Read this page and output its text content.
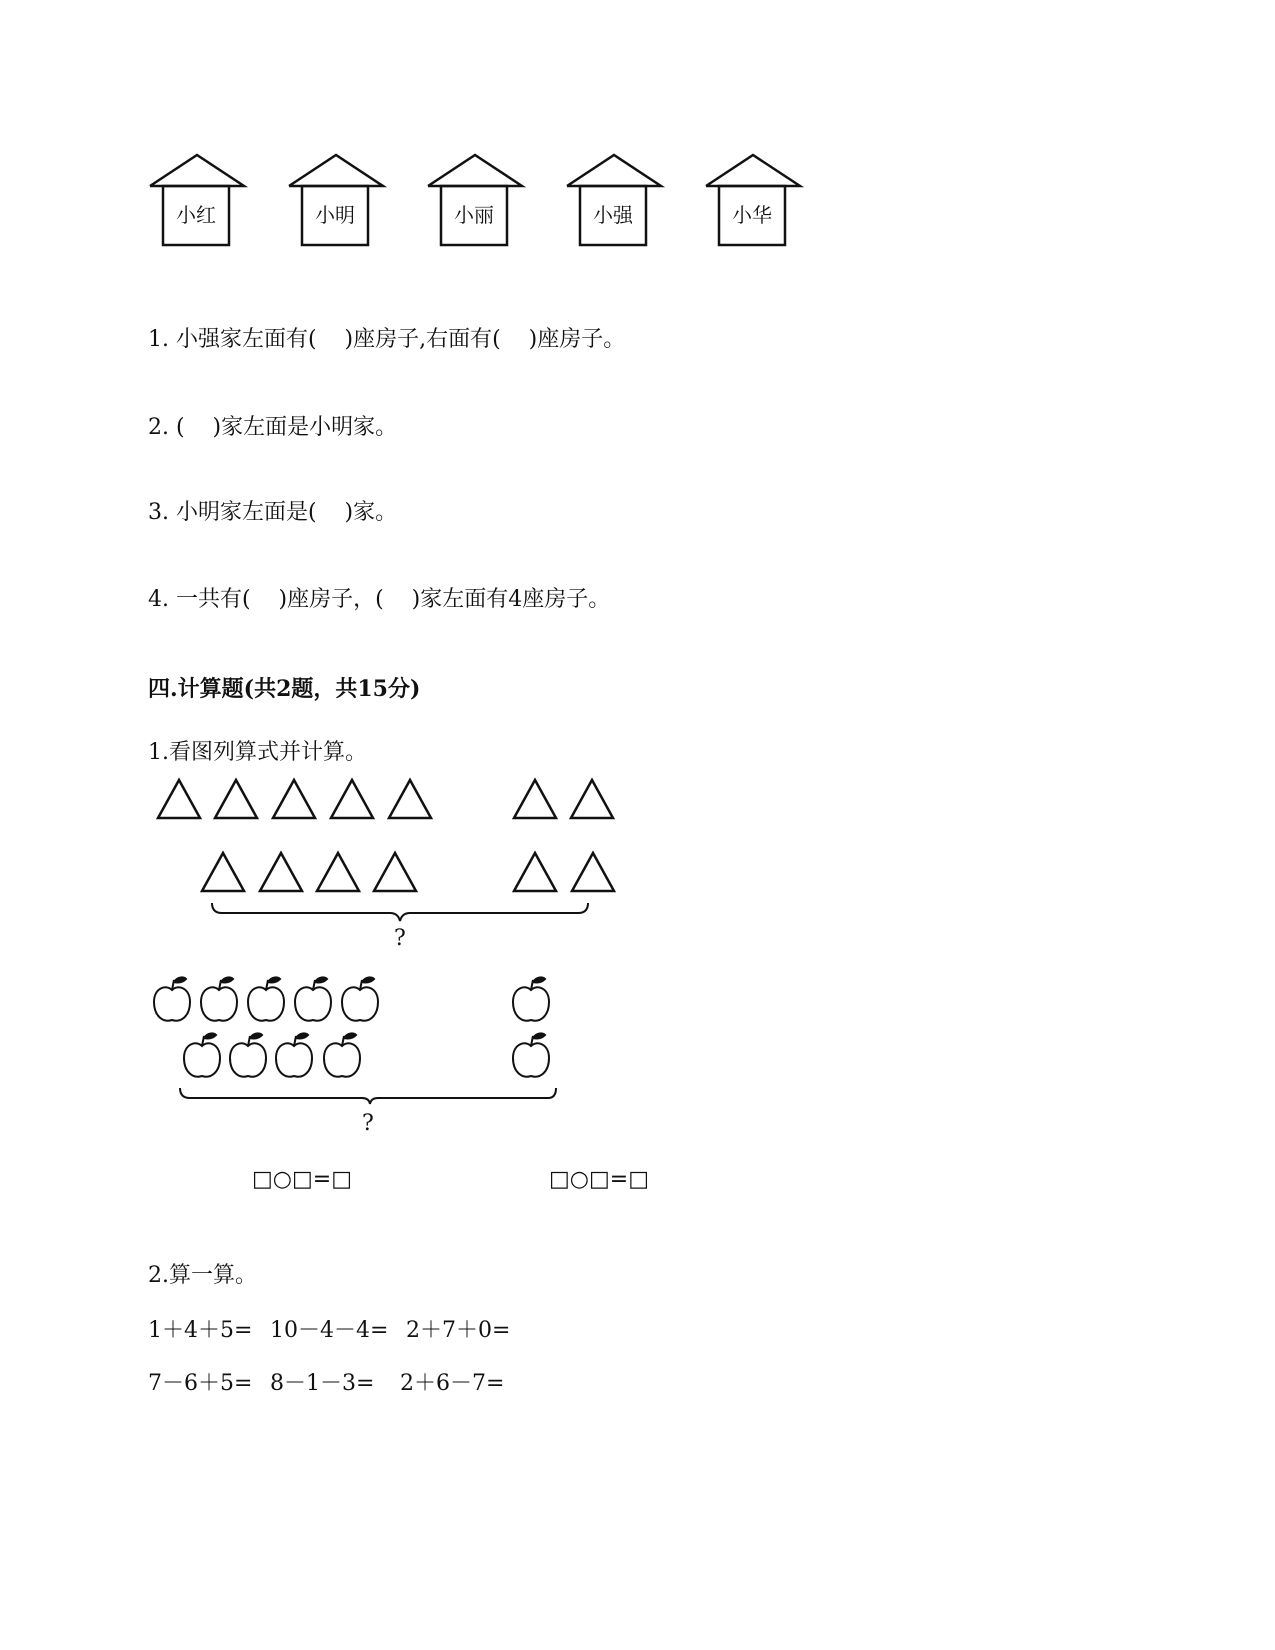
小红	小明	小丽	小强	小华
1. 小强家左面有(    )座房子,右面有(    )座房子。
2. (    )家左面是小明家。
3. 小明家左面是(    )家。
4. 一共有(    )座房子，(    )家左面有4座房子。
四.计算题(共2题，共15分)
1.看图列算式并计算。
?
?
□○□=□	□○□=□
2.算一算。
1＋4＋5= 10－4－4= 2＋7＋0=
7－6＋5= 8－1－3= 2＋6－7=
